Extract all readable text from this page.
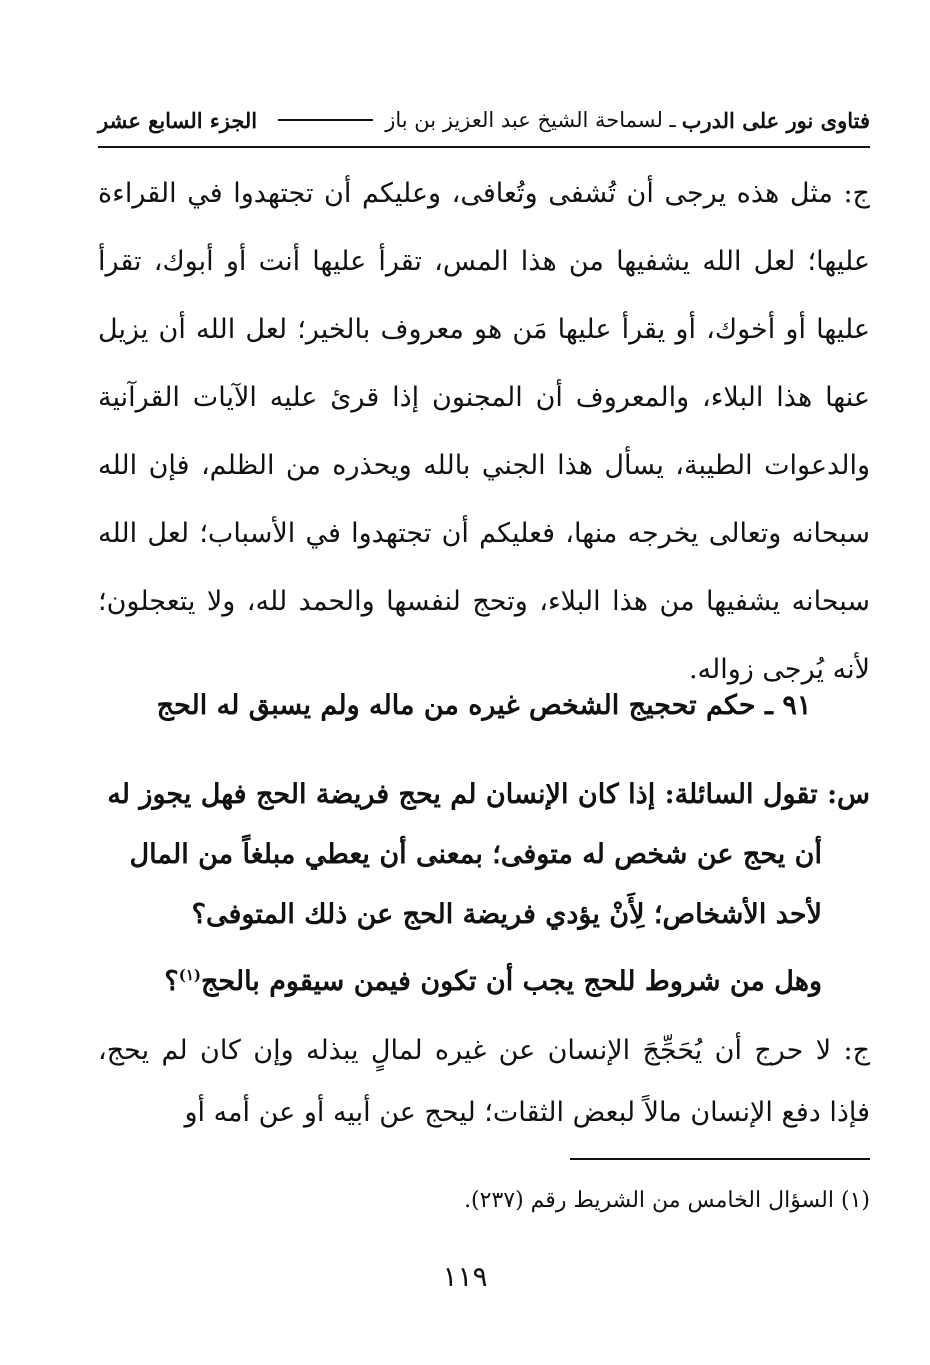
فتاوى نور على الدرب
ـ لسماحة الشيخ عبد العزيز بن باز
الجزء السابع عشر

ج: مثل هذه يرجى أن تُشفى وتُعافى، وعليكم أن تجتهدوا في القراءة عليها؛ لعل الله يشفيها من هذا المس، تقرأ عليها أنت أو أبوك، تقرأ عليها أو أخوك، أو يقرأ عليها مَن هو معروف بالخير؛ لعل الله أن يزيل عنها هذا البلاء، والمعروف أن المجنون إذا قرئ عليه الآيات القرآنية والدعوات الطيبة، يسأل هذا الجني بالله ويحذره من الظلم، فإن الله سبحانه وتعالى يخرجه منها، فعليكم أن تجتهدوا في الأسباب؛ لعل الله سبحانه يشفيها من هذا البلاء، وتحج لنفسها والحمد لله، ولا يتعجلون؛ لأنه يُرجى زواله.

٩١ ـ حكم تحجيج الشخص غيره من ماله ولم يسبق له الحج
س: تقول السائلة: إذا كان الإنسان لم يحج فريضة الحج فهل يجوز له
أن يحج عن شخص له متوفى؛ بمعنى أن يعطي مبلغاً من المال
لأحد الأشخاص؛ لِأَنْ يؤدي فريضة الحج عن ذلك المتوفى؟
وهل من شروط للحج يجب أن تكون فيمن سيقوم بالحج$^{(١)}$؟

ج: لا حرج أن يُحَجِّجَ الإنسان عن غيره لمالٍ يبذله وإن كان لم يحج، فإذا دفع الإنسان مالاً لبعض الثقات؛ ليحج عن أبيه أو عن أمه أو

(١) السؤال الخامس من الشريط رقم (٢٣٧).
١١٩
